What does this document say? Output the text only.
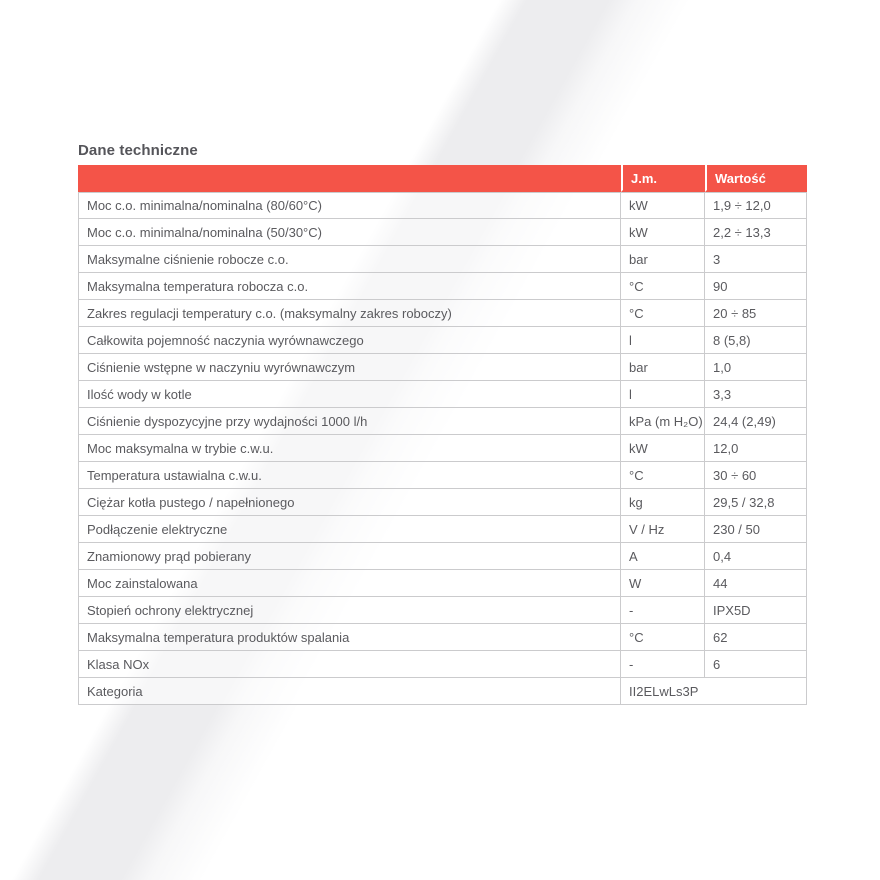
Dane techniczne
	J.m.	Wartość
Moc c.o. minimalna/nominalna (80/60°C)	kW	1,9 ÷ 12,0
Moc c.o. minimalna/nominalna (50/30°C)	kW	2,2 ÷ 13,3
Maksymalne ciśnienie robocze c.o.	bar	3
Maksymalna temperatura robocza c.o.	°C	90
Zakres regulacji temperatury c.o. (maksymalny zakres roboczy)	°C	20 ÷ 85
Całkowita pojemność naczynia wyrównawczego	l	8 (5,8)
Ciśnienie wstępne w naczyniu wyrównawczym	bar	1,0
Ilość wody w kotle	l	3,3
Ciśnienie dyspozycyjne przy wydajności 1000 l/h	kPa (m H₂O)	24,4 (2,49)
Moc maksymalna w trybie c.w.u.	kW	12,0
Temperatura ustawialna c.w.u.	°C	30 ÷ 60
Ciężar kotła pustego / napełnionego	kg	29,5 / 32,8
Podłączenie elektryczne	V / Hz	230 / 50
Znamionowy prąd pobierany	A	0,4
Moc zainstalowana	W	44
Stopień ochrony elektrycznej	-	IPX5D
Maksymalna temperatura produktów spalania	°C	62
Klasa NOx	-	6
Kategoria	II2ELwLs3P	
